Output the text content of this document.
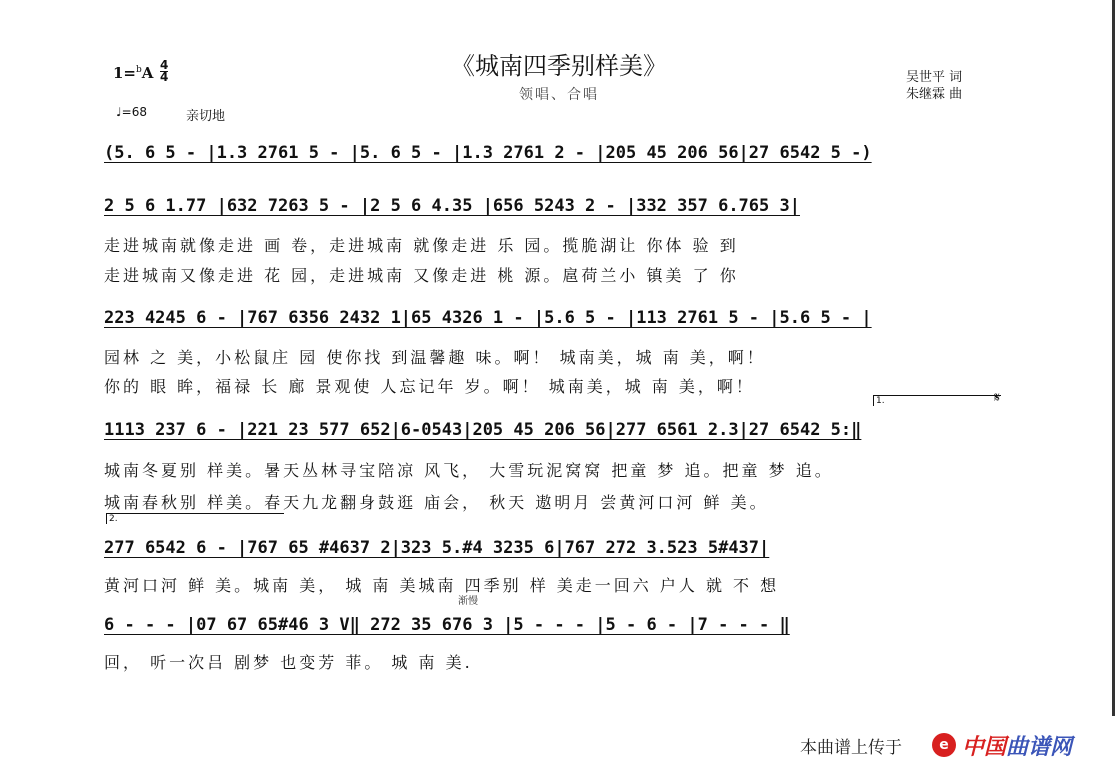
《城南四季别样美》
领唱、合唱
1=$^b$A 4
4	吴世平 词
朱继霖 曲
♩=68	亲切地
(5. 6 5 - |1.3 2761 5 - |5. 6 5 - |1.3 2761 2 - |205 45 206 56|27 6542 5 -)
2 5 6 1.77 |632 7263 5 - |2 5 6 4.35 |656 5243 2 - |332 357 6.765 3|
走进城南就像走进 画 卷，走进城南 就像走进 乐 园。揽脆湖让 你体 验 到
走进城南又像走进 花 园，走进城南 又像走进 桃 源。扈荷兰小 镇美 了 你
223 4245 6 - |767 6356 2432 1|65 4326 1 - |5.6 5 - |113 2761 5 - |5.6 5 - |
园林 之 美，小松鼠庄 园 使你找 到温馨趣 味。啊！ 城南美，城 南 美，啊！
你的 眼 眸，福禄 长 廊 景观使 人忘记年 岁。啊！ 城南美，城 南 美，啊！
1.	𝄋
1113 237 6 - |221 23 577 652|6-0543|205 45 206 56|277 6561 2.3|27 6542 5:‖
城南冬夏别 样美。暑天丛林寻宝陪凉 风飞， 大雪玩泥窝窝 把童 梦 追。把童 梦 追。
城南春秋别 样美。春天九龙翻身鼓逛 庙会， 秋天 遨明月 尝黄河口河 鲜 美。
2.
277 6542 6 - |767 65 #4637 2|323 5.#4 3235 6|767 272 3.523 5#437|
黄河口河 鲜 美。城南 美， 城 南 美城南 四季别 样 美走一回六 户人 就 不 想
渐慢
6 - - - |07 67 65#46 3 V‖ 272 35 676 3 |5 - - - |5 - 6 - |7 - - - ‖
回， 听一次吕 剧梦 也变芳 菲。 城 南 美.
本曲谱上传于	e 中国曲谱网
